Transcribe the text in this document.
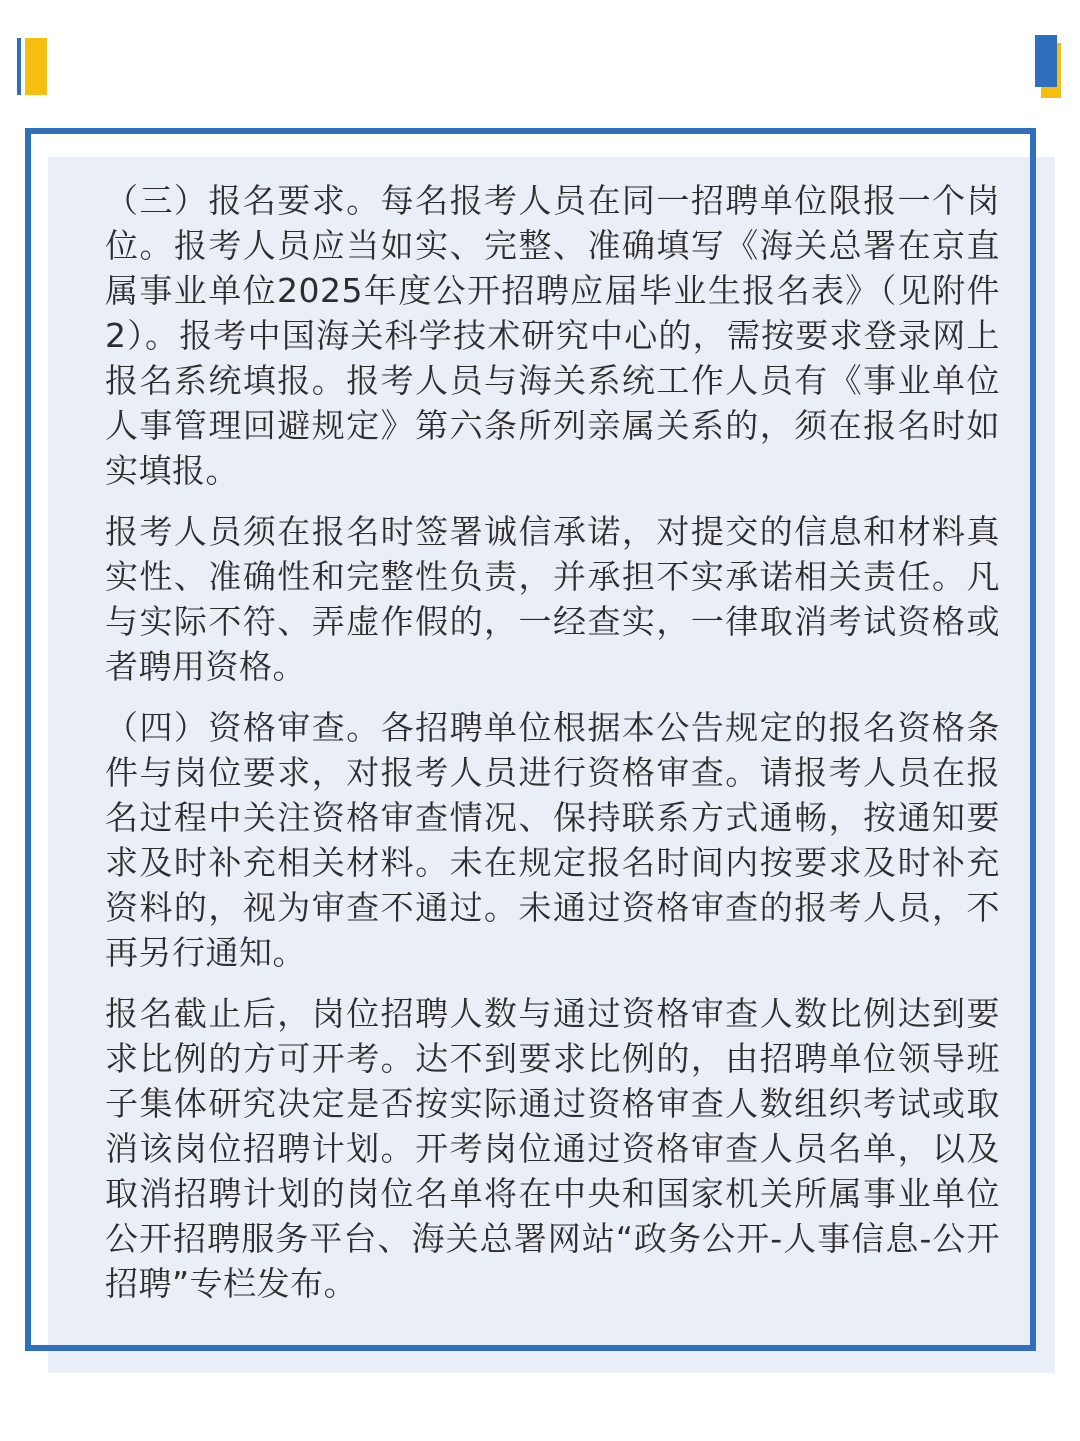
（三）报名要求。每名报考人员在同一招聘单位限报一个岗位。报考人员应当如实、完整、准确填写《海关总署在京直属事业单位2025年度公开招聘应届毕业生报名表》（见附件2）。报考中国海关科学技术研究中心的，需按要求登录网上报名系统填报。报考人员与海关系统工作人员有《事业单位人事管理回避规定》第六条所列亲属关系的，须在报名时如实填报。

报考人员须在报名时签署诚信承诺，对提交的信息和材料真实性、准确性和完整性负责，并承担不实承诺相关责任。凡与实际不符、弄虚作假的，一经查实，一律取消考试资格或者聘用资格。

（四）资格审查。各招聘单位根据本公告规定的报名资格条件与岗位要求，对报考人员进行资格审查。请报考人员在报名过程中关注资格审查情况、保持联系方式通畅，按通知要求及时补充相关材料。未在规定报名时间内按要求及时补充资料的，视为审查不通过。未通过资格审查的报考人员，不再另行通知。

报名截止后，岗位招聘人数与通过资格审查人数比例达到要求比例的方可开考。达不到要求比例的，由招聘单位领导班子集体研究决定是否按实际通过资格审查人数组织考试或取消该岗位招聘计划。开考岗位通过资格审查人员名单，以及取消招聘计划的岗位名单将在中央和国家机关所属事业单位公开招聘服务平台、海关总署网站“政务公开-人事信息-公开招聘”专栏发布。
